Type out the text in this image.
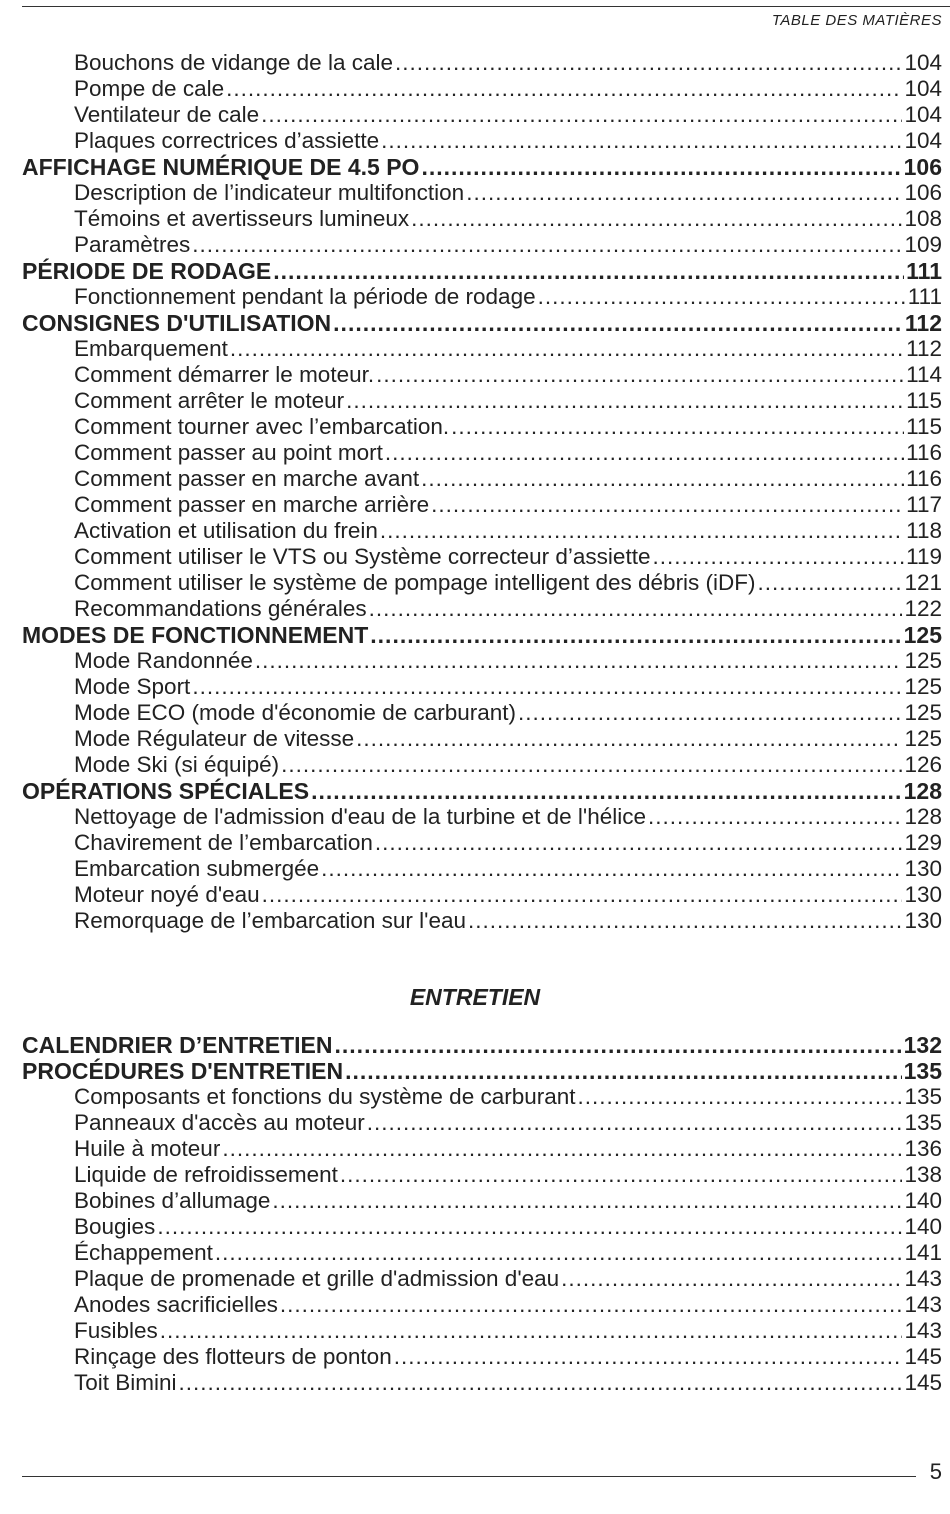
TABLE DES MATIÈRES
Bouchons de vidange de la cale .....	104
Pompe de cale .....	104
Ventilateur de cale .....	104
Plaques correctrices d’assiette .....	104
AFFICHAGE NUMÉRIQUE DE 4.5 PO .....	106
Description de l’indicateur multifonction .....	106
Témoins et avertisseurs lumineux .....	108
Paramètres .....	109
PÉRIODE DE RODAGE .....	111
Fonctionnement pendant la période de rodage .....	111
CONSIGNES D'UTILISATION .....	112
Embarquement .....	112
Comment démarrer le moteur. .....	114
Comment arrêter le moteur .....	115
Comment tourner avec l’embarcation. .....	115
Comment passer au point mort .....	116
Comment passer en marche avant .....	116
Comment passer en marche arrière .....	117
Activation et utilisation du frein .....	118
Comment utiliser le VTS ou Système correcteur d’assiette .....	119
Comment utiliser le système de pompage intelligent des débris (iDF) .....	121
Recommandations générales .....	122
MODES DE FONCTIONNEMENT .....	125
Mode Randonnée .....	125
Mode Sport .....	125
Mode ECO (mode d'économie de carburant) .....	125
Mode Régulateur de vitesse .....	125
Mode Ski (si équipé) .....	126
OPÉRATIONS SPÉCIALES .....	128
Nettoyage de l'admission d'eau de la turbine et de l'hélice .....	128
Chavirement de l’embarcation .....	129
Embarcation submergée .....	130
Moteur noyé d'eau .....	130
Remorquage de l’embarcation sur l'eau .....	130
ENTRETIEN
CALENDRIER D’ENTRETIEN .....	132
PROCÉDURES D'ENTRETIEN .....	135
Composants et fonctions du système de carburant .....	135
Panneaux d'accès au moteur .....	135
Huile à moteur .....	136
Liquide de refroidissement .....	138
Bobines d’allumage .....	140
Bougies .....	140
Échappement .....	141
Plaque de promenade et grille d'admission d'eau .....	143
Anodes sacrificielles .....	143
Fusibles .....	143
Rinçage des flotteurs de ponton .....	145
Toit Bimini .....	145
5
